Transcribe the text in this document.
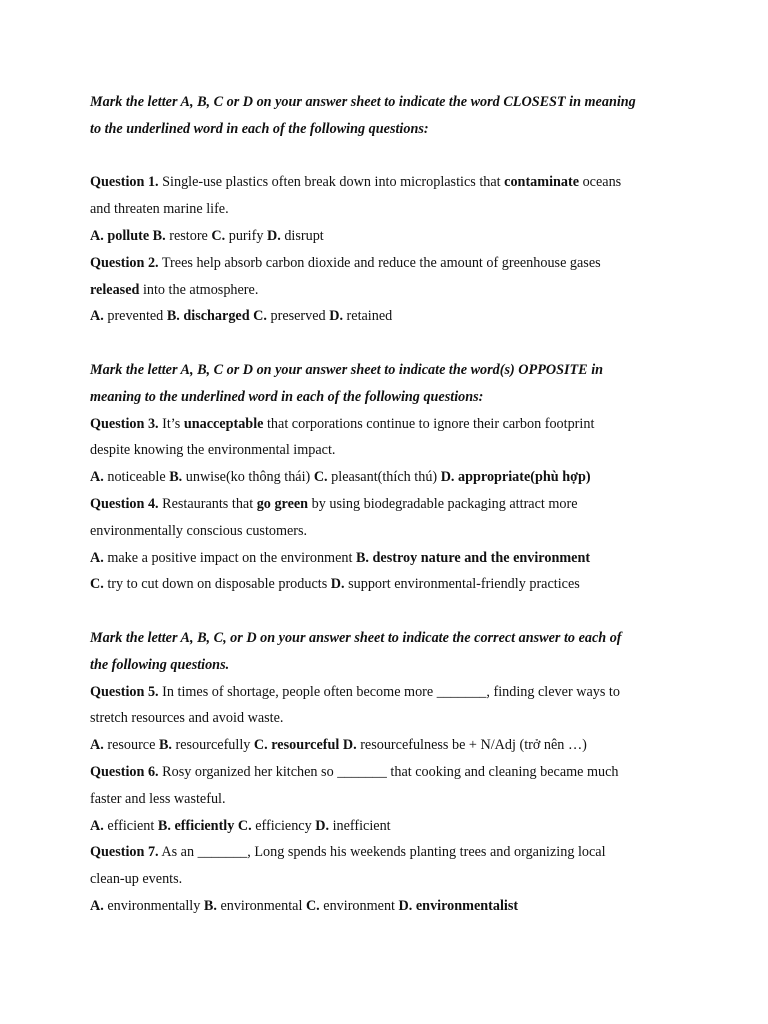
Mark the letter A, B, C or D on your answer sheet to indicate the word CLOSEST in meaning
to the underlined word in each of the following questions:
Question 1. Single-use plastics often break down into microplastics that contaminate oceans
and threaten marine life.
A. pollute B. restore C. purify D. disrupt
Question 2. Trees help absorb carbon dioxide and reduce the amount of greenhouse gases
released into the atmosphere.
A. prevented B. discharged C. preserved D. retained
Mark the letter A, B, C or D on your answer sheet to indicate the word(s) OPPOSITE in
meaning to the underlined word in each of the following questions:
Question 3. It’s unacceptable that corporations continue to ignore their carbon footprint
despite knowing the environmental impact.
A. noticeable B. unwise(ko thông thái) C. pleasant(thích thú) D. appropriate(phù hợp)
Question 4. Restaurants that go green by using biodegradable packaging attract more
environmentally conscious customers.
A. make a positive impact on the environment B. destroy nature and the environment
C. try to cut down on disposable products D. support environmental-friendly practices
Mark the letter A, B, C, or D on your answer sheet to indicate the correct answer to each of
the following questions.
Question 5. In times of shortage, people often become more _______, finding clever ways to
stretch resources and avoid waste.
A. resource B. resourcefully C. resourceful D. resourcefulness be + N/Adj (trở nên …)
Question 6. Rosy organized her kitchen so _______ that cooking and cleaning became much
faster and less wasteful.
A. efficient B. efficiently C. efficiency D. inefficient
Question 7. As an _______, Long spends his weekends planting trees and organizing local
clean-up events.
A. environmentally B. environmental C. environment D. environmentalist
